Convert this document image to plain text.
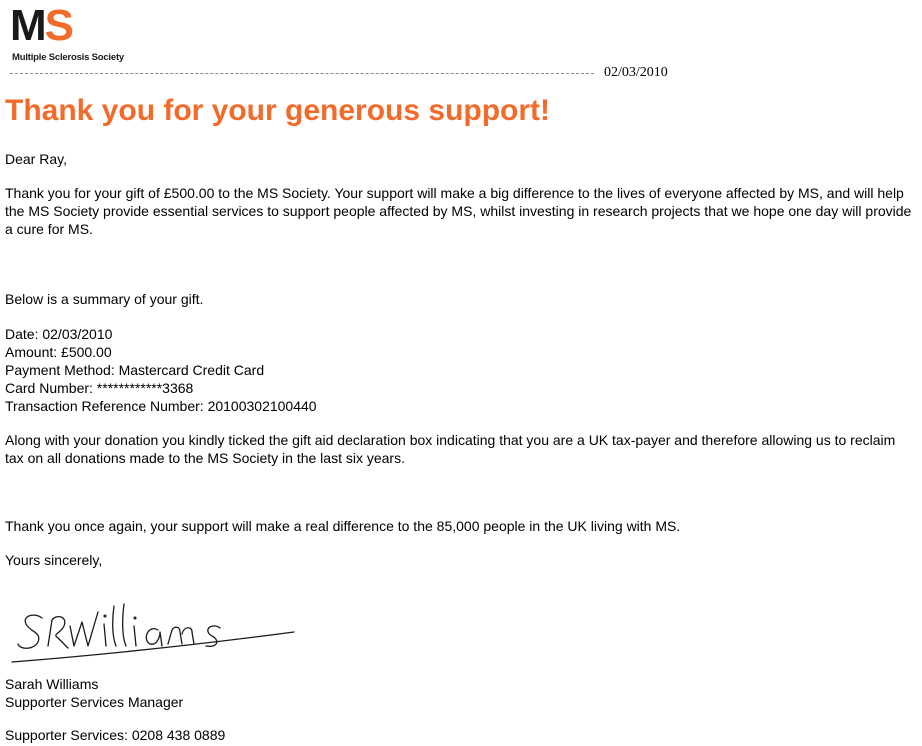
MS
Multiple Sclerosis Society
02/03/2010
Thank you for your generous support!

Dear Ray,

Thank you for your gift of £500.00 to the MS Society. Your support will make a big difference to the lives of everyone affected by MS, and will help the MS Society provide essential services to support people affected by MS, whilst investing in research projects that we hope one day will provide a cure for MS.

Below is a summary of your gift.

Date: 02/03/2010

Amount: £500.00

Payment Method: Mastercard Credit Card

Card Number: ************3368

Transaction Reference Number: 20100302100440

Along with your donation you kindly ticked the gift aid declaration box indicating that you are a UK tax-payer and therefore allowing us to reclaim tax on all donations made to the MS Society in the last six years.

Thank you once again, your support will make a real difference to the 85,000 people in the UK living with MS.

Yours sincerely,

Sarah Williams

Supporter Services Manager

Supporter Services: 0208 438 0889
